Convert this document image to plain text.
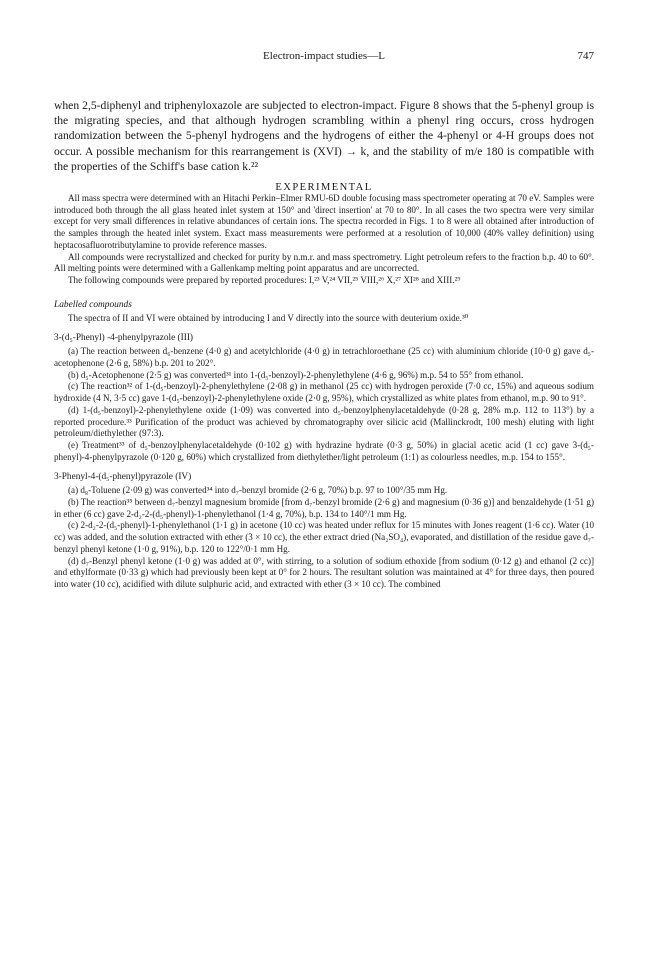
Electron-impact studies—L	747

when 2,5-diphenyl and triphenyloxazole are subjected to electron-impact. Figure 8 shows that the 5-phenyl group is the migrating species, and that although hydrogen scrambling within a phenyl ring occurs, cross hydrogen randomization between the 5-phenyl hydrogens and the hydrogens of either the 4-phenyl or 4-H groups does not occur. A possible mechanism for this rearrangement is (XVI) → k, and the stability of m/e 180 is compatible with the properties of the Schiff's base cation k.²²

EXPERIMENTAL

All mass spectra were determined with an Hitachi Perkin–Elmer RMU-6D double focusing mass spectrometer operating at 70 eV. Samples were introduced both through the all glass heated inlet system at 150° and 'direct insertion' at 70 to 80°. In all cases the two spectra were very similar except for very small differences in relative abundances of certain ions. The spectra recorded in Figs. 1 to 8 were all obtained after introduction of the samples through the heated inlet system. Exact mass measurements were performed at a resolution of 10,000 (40% valley definition) using heptacosafluorotributylamine to provide reference masses.

All compounds were recrystallized and checked for purity by n.m.r. and mass spectrometry. Light petroleum refers to the fraction b.p. 40 to 60°. All melting points were determined with a Gallenkamp melting point apparatus and are uncorrected.

The following compounds were prepared by reported procedures: I,²³ V,²⁴ VII,²⁵ VIII,²⁶ X,²⁷ XI²⁸ and XIII.²⁹

Labelled compounds

The spectra of II and VI were obtained by introducing I and V directly into the source with deuterium oxide.³⁰

3-(d₅-Phenyl) -4-phenylpyrazole (III)

(a) The reaction between d₆-benzene (4·0 g) and acetylchloride (4·0 g) in tetrachloroethane (25 cc) with aluminium chloride (10·0 g) gave d₅-acetophenone (2·6 g, 58%) b.p. 201 to 202°.

(b) d₅-Acetophenone (2·5 g) was converted³¹ into 1-(d₅-benzoyl)-2-phenylethylene (4·6 g, 96%) m.p. 54 to 55° from ethanol.

(c) The reaction³² of 1-(d₅-benzoyl)-2-phenylethylene (2·08 g) in methanol (25 cc) with hydrogen peroxide (7·0 cc, 15%) and aqueous sodium hydroxide (4 N, 3·5 cc) gave 1-(d₅-benzoyl)-2-phenylethylene oxide (2·0 g, 95%), which crystallized as white plates from ethanol, m.p. 90 to 91°.

(d) 1-(d₅-benzoyl)-2-phenylethylene oxide (1·09) was converted into d₅-benzoylphenylacetaldehyde (0·28 g, 28% m.p. 112 to 113°) by a reported procedure.³³ Purification of the product was achieved by chromatography over silicic acid (Mallinckrodt, 100 mesh) eluting with light petroleum/diethylether (97:3).

(e) Treatment³³ of d₅-benzoylphenylacetaldehyde (0·102 g) with hydrazine hydrate (0·3 g, 50%) in glacial acetic acid (1 cc) gave 3-(d₅-phenyl)-4-phenylpyrazole (0·120 g, 60%) which crystallized from diethylether/light petroleum (1:1) as colourless needles, m.p. 154 to 155°.

3-Phenyl-4-(d₅-phenyl)pyrazole (IV)

(a) d₈-Toluene (2·09 g) was converted³⁴ into d₇-benzyl bromide (2·6 g, 70%) b.p. 97 to 100°/35 mm Hg.

(b) The reaction³⁵ between d₇-benzyl magnesium bromide [from d₇-benzyl bromide (2·6 g) and magnesium (0·36 g)] and benzaldehyde (1·51 g) in ether (6 cc) gave 2-d₂-2-(d₅-phenyl)-1-phenylethanol (1·4 g, 70%), b.p. 134 to 140°/1 mm Hg.

(c) 2-d₂-2-(d₅-phenyl)-1-phenylethanol (1·1 g) in acetone (10 cc) was heated under reflux for 15 minutes with Jones reagent (1·6 cc). Water (10 cc) was added, and the solution extracted with ether (3 × 10 cc), the ether extract dried (Na₂SO₄), evaporated, and distillation of the residue gave d₇-benzyl phenyl ketone (1·0 g, 91%), b.p. 120 to 122°/0·1 mm Hg.

(d) d₇-Benzyl phenyl ketone (1·0 g) was added at 0°, with stirring, to a solution of sodium ethoxide [from sodium (0·12 g) and ethanol (2 cc)] and ethylformate (0·33 g) which had previously been kept at 0° for 2 hours. The resultant solution was maintained at 4° for three days, then poured into water (10 cc), acidified with dilute sulphuric acid, and extracted with ether (3 × 10 cc). The combined
